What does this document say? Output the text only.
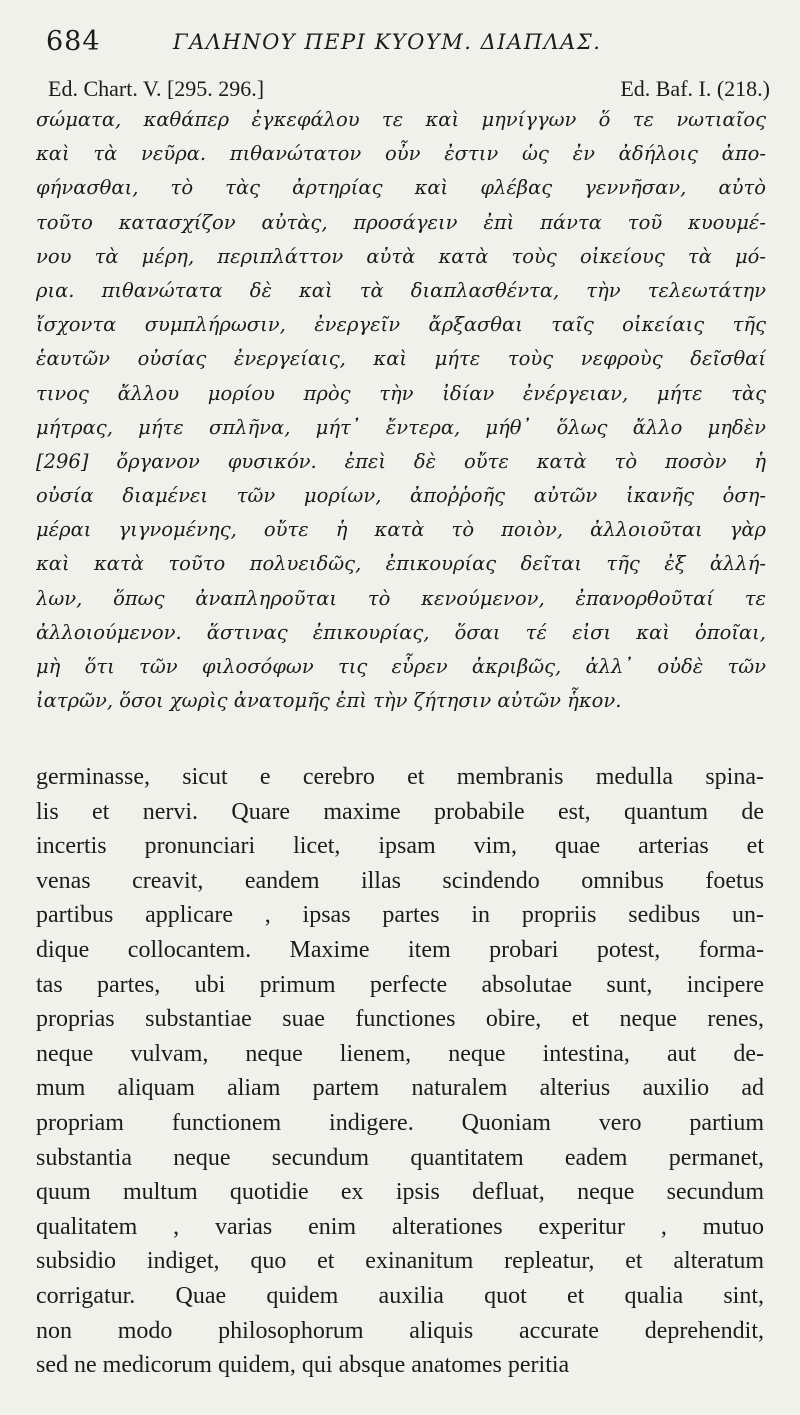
684	ΓΑΛΗΝΟΥ ΠΕΡΙ ΚΥΟΥΜ. ΔΙΑΠΛΑΣ.
Ed. Chart. V. [295. 296.]	Ed. Baf. I. (218.)
σώματα, καθάπερ ἐγκεφάλου τε καὶ μηνίγγων ὅ τε νωτιαῖος
καὶ τὰ νεῦρα. πιθανώτατον οὖν ἐστιν ὡς ἐν ἀδήλοις ἀπο-
φήνασθαι, τὸ τὰς ἀρτηρίας καὶ φλέβας γεννῆσαν, αὐτὸ
τοῦτο κατασχίζον αὐτὰς, προσάγειν ἐπὶ πάντα τοῦ κυουμέ-
νου τὰ μέρη, περιπλάττον αὐτὰ κατὰ τοὺς οἰκείους τὰ μό-
ρια. πιθανώτατα δὲ καὶ τὰ διαπλασθέντα, τὴν τελεωτάτην
ἴσχοντα συμπλήρωσιν, ἐνεργεῖν ἄρξασθαι ταῖς οἰκείαις τῆς
ἑαυτῶν οὐσίας ἐνεργείαις, καὶ μήτε τοὺς νεφροὺς δεῖσθαί
τινος ἄλλου μορίου πρὸς τὴν ἰδίαν ἐνέργειαν, μήτε τὰς
μήτρας, μήτε σπλῆνα, μήτ᾽ ἔντερα, μήθ᾽ ὅλως ἄλλο μηδὲν
[296] ὄργανον φυσικόν. ἐπεὶ δὲ οὔτε κατὰ τὸ ποσὸν ἡ
οὐσία διαμένει τῶν μορίων, ἀποῤῥοῆς αὐτῶν ἱκανῆς ὁση-
μέραι γιγνομένης, οὔτε ἡ κατὰ τὸ ποιὸν, ἀλλοιοῦται γὰρ
καὶ κατὰ τοῦτο πολυειδῶς, ἐπικουρίας δεῖται τῆς ἐξ ἀλλή-
λων, ὅπως ἀναπληροῦται τὸ κενούμενον, ἐπανορθοῦταί τε
ἀλλοιούμενον. ἅστινας ἐπικουρίας, ὅσαι τέ εἰσι καὶ ὁποῖαι,
μὴ ὅτι τῶν φιλοσόφων τις εὗρεν ἀκριβῶς, ἀλλ᾽ οὐδὲ τῶν
ἰατρῶν, ὅσοι χωρὶς ἀνατομῆς ἐπὶ τὴν ζήτησιν αὐτῶν ἧκον.
germinasse, sicut e cerebro et membranis medulla spina-
lis et nervi. Quare maxime probabile est, quantum de
incertis pronunciari licet, ipsam vim, quae arterias et
venas creavit, eandem illas scindendo omnibus foetus
partibus applicare , ipsas partes in propriis sedibus un-
dique collocantem. Maxime item probari potest, forma-
tas partes, ubi primum perfecte absolutae sunt, incipere
proprias substantiae suae functiones obire, et neque renes,
neque vulvam, neque lienem, neque intestina, aut de-
mum aliquam aliam partem naturalem alterius auxilio ad
propriam functionem indigere. Quoniam vero partium
substantia neque secundum quantitatem eadem permanet,
quum multum quotidie ex ipsis defluat, neque secundum
qualitatem , varias enim alterationes experitur , mutuo
subsidio indiget, quo et exinanitum repleatur, et alteratum
corrigatur. Quae quidem auxilia quot et qualia sint,
non modo philosophorum aliquis accurate deprehendit,
sed ne medicorum quidem, qui absque anatomes peritia
